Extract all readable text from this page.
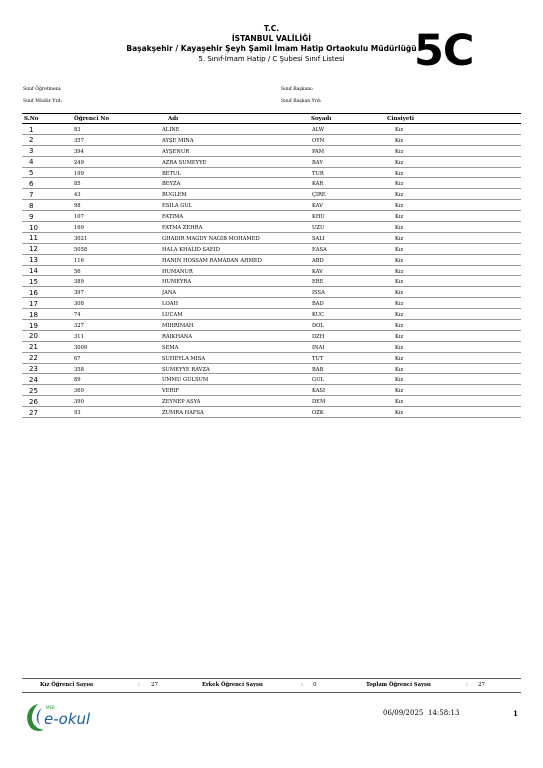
T.C.
İSTANBUL VALİLİĞİ
Başakşehir / Kayaşehir Şeyh Şamil İmam Hatip Ortaokulu Müdürlüğü
5. Sınıf-İmam Hatip / C Şubesi Sınıf Listesi	5C
Sınıf Öğretmeni:
Sınıf Müdür Yrd:
Sınıf Başkanı:
Sınıf Başkan Yrd:
S.No	Öğrenci No	Adı	Soyadı	Cinsiyeti
1	83	ALİNE	ALW	Kız
2	357	AYŞE MİNA	OYN	Kız
3	394	AYŞENUR	PAM	Kız
4	249	AZRA SÜMEYYE	BAY	Kız
5	199	BETÜL	TÜR	Kız
6	85	BEYZA	KAR	Kız
7	43	BUĞLEM	ÇİRE	Kız
8	98	ESİLA GÜL	KAV	Kız
9	107	FATIMA	KHU	Kız
10	169	FATMA ZEHRA	UZU	Kız
11	3021	GHADIR MAGDY NAGIB MOHAMED	SALI	Kız
12	5058	HALA KHALID SAEID	EASA	Kız
13	116	HANIN HOSSAM RAMADAN AHMED	ABD	Kız
14	56	HÜMANUR	KAV	Kız
15	389	HÜMEYRA	ERE	Kız
16	397	JANA	ISSA	Kız
17	308	LOAH	BAD	Kız
18	74	LUCAM	KUC	Kız
19	327	MİHRİMAH	DOL	Kız
20	311	RAİKHANA	DZH	Kız
21	3009	SEMA	İNAI	Kız
22	67	SÜHEYLA MİSA	TUT	Kız
23	358	SÜMEYYE RAVZA	BAB	Kız
24	89	ÜMMÜ GÜLSÜM	GÜL	Kız
25	369	VERİF	KASI	Kız
26	390	ZEYNEP ASYA	DEM	Kız
27	93	ZÜMRA HAFSA	ÖZK	Kız
Kız Öğrenci Sayısı	: 27	Erkek Öğrenci Sayısı	: 0	Toplam Öğrenci Sayısı	: 27
MEB
e-okul	06/09/2025 14:58:13	1
